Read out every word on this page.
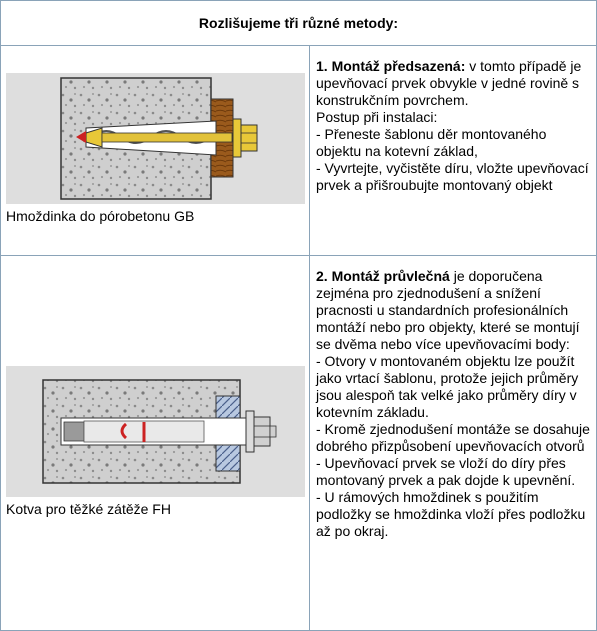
Rozlišujeme tři různé metody:
Hmoždinka do pórobetonu GB

1. Montáž předsazená: v tomto případě je upevňovací prvek obvykle v jedné rovině s konstrukčním povrchem.

Postup při instalaci:

- Přeneste šablonu děr montovaného objektu na kotevní základ,

- Vyvrtejte, vyčistěte díru, vložte upevňovací prvek a přišroubujte montovaný objekt

Kotva pro těžké zátěže FH

2. Montáž průvlečná je doporučena zejména pro zjednodušení a snížení pracnosti u standardních profesionálních montáží nebo pro objekty, které se montují se dvěma nebo více upevňovacími body:

- Otvory v montovaném objektu lze použít jako vrtací šablonu, protože jejich průměry jsou alespoň tak velké jako průměry díry v kotevním základu.

- Kromě zjednodušení montáže se dosahuje dobrého přizpůsobení upevňovacích otvorů

- Upevňovací prvek se vloží do díry přes montovaný prvek a pak dojde k upevnění.

- U rámových hmoždinek s použitím podložky se hmoždinka vloží přes podložku až po okraj.
